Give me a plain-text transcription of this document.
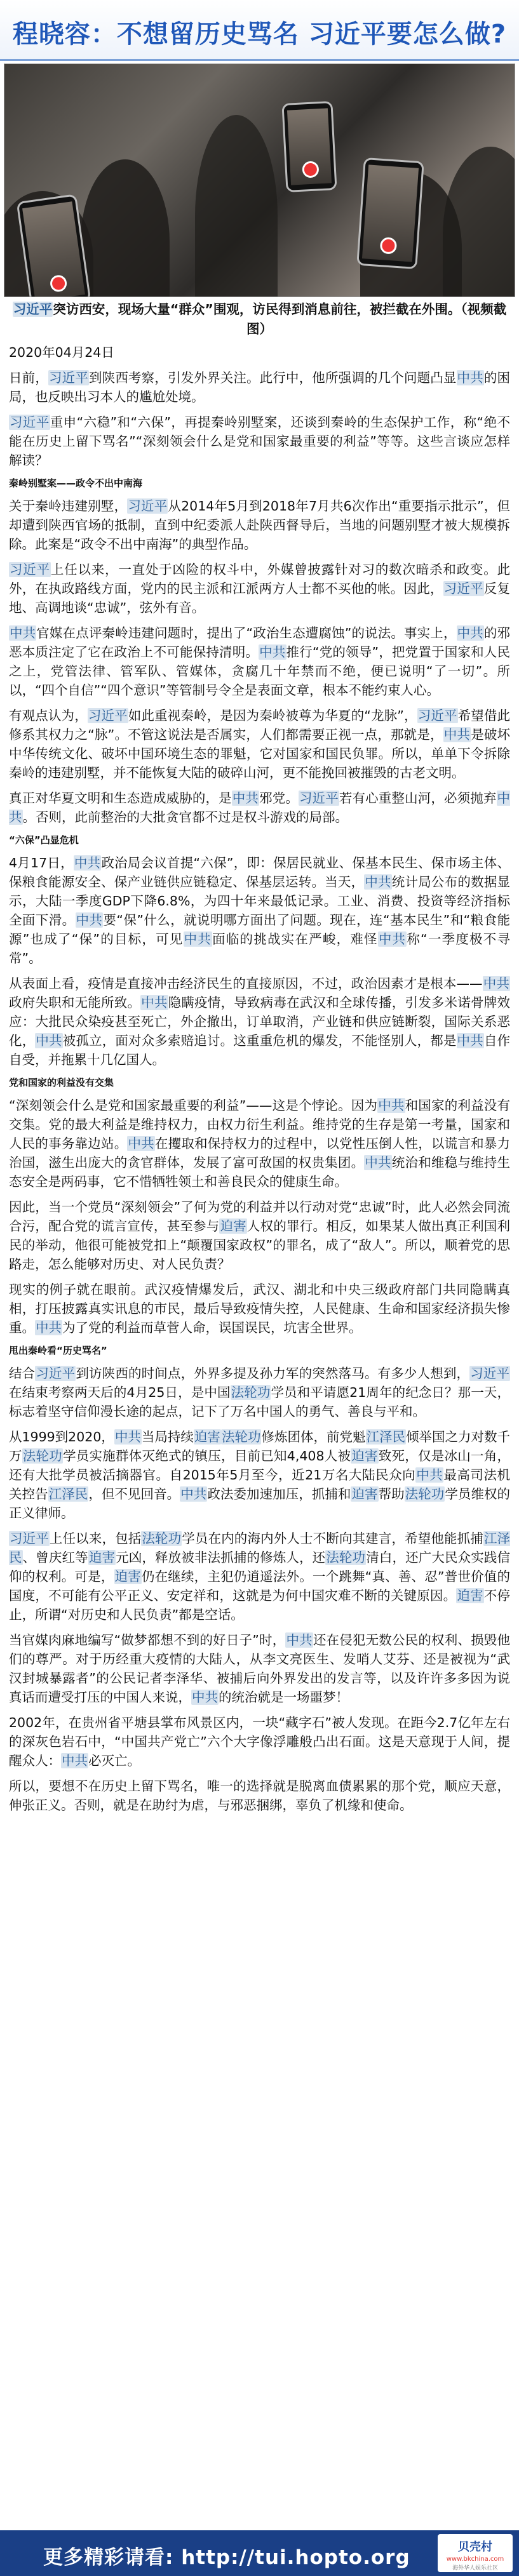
程晓容：不想留历史骂名 习近平要怎么做?
习近平突访西安，现场大量“群众”围观，访民得到消息前往，被拦截在外围。（视频截图）
2020年04月24日
日前，习近平到陕西考察，引发外界关注。此行中，他所强调的几个问题凸显中共的困局，也反映出习本人的尴尬处境。
习近平重申“六稳”和“六保”，再提秦岭别墅案，还谈到秦岭的生态保护工作，称“绝不能在历史上留下骂名”“深刻领会什么是党和国家最重要的利益”等等。这些言谈应怎样解读？
秦岭别墅案——政令不出中南海
关于秦岭违建别墅，习近平从2014年5月到2018年7月共6次作出“重要指示批示”，但却遭到陕西官场的抵制，直到中纪委派人赴陕西督导后，当地的问题别墅才被大规模拆除。此案是“政令不出中南海”的典型作品。
习近平上任以来，一直处于凶险的权斗中，外媒曾披露针对习的数次暗杀和政变。此外，在执政路线方面，党内的民主派和江派两方人士都不买他的帐。因此，习近平反复地、高调地谈“忠诚”，弦外有音。
中共官媒在点评秦岭违建问题时，提出了“政治生态遭腐蚀”的说法。事实上，中共的邪恶本质注定了它在政治上不可能保持清明。中共推行“党的领导”，把党置于国家和人民之上，党管法律、管军队、管媒体，贪腐几十年禁而不绝，便已说明“了一切”。所以，“四个自信”“四个意识”等管制号令全是表面文章，根本不能约束人心。
有观点认为，习近平如此重视秦岭，是因为秦岭被尊为华夏的“龙脉”，习近平希望借此修系其权力之“脉”。不管这说法是否属实，人们都需要正视一点，那就是，中共是破坏中华传统文化、破坏中国环境生态的罪魁，它对国家和国民负罪。所以，单单下令拆除秦岭的违建别墅，并不能恢复大陆的破碎山河，更不能挽回被摧毁的古老文明。
真正对华夏文明和生态造成威胁的，是中共邪党。习近平若有心重整山河，必须抛弃中共。否则，此前整治的大批贪官都不过是权斗游戏的局部。
“六保”凸显危机
4月17日，中共政治局会议首提“六保”，即：保居民就业、保基本民生、保市场主体、保粮食能源安全、保产业链供应链稳定、保基层运转。当天，中共统计局公布的数据显示，大陆一季度GDP下降6.8%，为四十年来最低记录。工业、消费、投资等经济指标全面下滑。中共要“保”什么，就说明哪方面出了问题。现在，连“基本民生”和“粮食能源”也成了“保”的目标，可见中共面临的挑战实在严峻，难怪中共称“一季度极不寻常”。
从表面上看，疫情是直接冲击经济民生的直接原因，不过，政治因素才是根本——中共政府失职和无能所致。中共隐瞒疫情，导致病毒在武汉和全球传播，引发多米诺骨牌效应：大批民众染疫甚至死亡，外企撤出，订单取消，产业链和供应链断裂，国际关系恶化，中共被孤立，面对众多索赔追讨。这重重危机的爆发，不能怪别人，都是中共自作自受，并拖累十几亿国人。
党和国家的利益没有交集
“深刻领会什么是党和国家最重要的利益”——这是个悖论。因为中共和国家的利益没有交集。党的最大利益是维持权力，由权力衍生利益。维持党的生存是第一考量，国家和人民的事务靠边站。中共在攫取和保持权力的过程中，以党性压倒人性，以谎言和暴力治国，滋生出庞大的贪官群体，发展了富可敌国的权贵集团。中共统治和维稳与维持生态安全是两码事，它不惜牺牲领土和善良民众的健康生命。
因此，当一个党员“深刻领会”了何为党的利益并以行动对党“忠诚”时，此人必然会同流合污，配合党的谎言宣传，甚至参与迫害人权的罪行。相反，如果某人做出真正利国利民的举动，他很可能被党扣上“颠覆国家政权”的罪名，成了“敌人”。所以，顺着党的思路走，怎么能够对历史、对人民负责？
现实的例子就在眼前。武汉疫情爆发后，武汉、湖北和中央三级政府部门共同隐瞒真相，打压披露真实讯息的市民，最后导致疫情失控，人民健康、生命和国家经济损失惨重。中共为了党的利益而草菅人命，误国误民，坑害全世界。
甩出秦岭看“历史骂名”
结合习近平到访陕西的时间点，外界多提及孙力军的突然落马。有多少人想到，习近平在结束考察两天后的4月25日，是中国法轮功学员和平请愿21周年的纪念日？那一天，标志着坚守信仰漫长途的起点，记下了万名中国人的勇气、善良与平和。
从1999到2020，中共当局持续迫害法轮功修炼团体，前党魁江泽民倾举国之力对数千万法轮功学员实施群体灭绝式的镇压，目前已知4,408人被迫害致死，仅是冰山一角，还有大批学员被活摘器官。自2015年5月至今，近21万名大陆民众向中共最高司法机关控告江泽民，但不见回音。中共政法委加速加压，抓捕和迫害帮助法轮功学员维权的正义律师。
习近平上任以来，包括法轮功学员在内的海内外人士不断向其建言，希望他能抓捕江泽民、曾庆红等迫害元凶，释放被非法抓捕的修炼人，还法轮功清白，还广大民众实践信仰的权利。可是，迫害仍在继续，主犯仍逍遥法外。一个跳舞“真、善、忍”普世价值的国度，不可能有公平正义、安定祥和，这就是为何中国灾难不断的关键原因。迫害不停止，所谓“对历史和人民负责”都是空话。
当官媒肉麻地编写“做梦都想不到的好日子”时，中共还在侵犯无数公民的权利、损毁他们的尊严。对于历经重大疫情的大陆人，从李文亮医生、发哨人艾芬、还是被视为“武汉封城暴露者”的公民记者李泽华、被捕后向外界发出的发言等，以及许许多多因为说真话而遭受打压的中国人来说，中共的统治就是一场噩梦！
2002年，在贵州省平塘县掌布风景区内，一块“藏字石”被人发现。在距今2.7亿年左右的深灰色岩石中，“中国共产党亡”六个大字像浮雕般凸出石面。这是天意现于人间，提醒众人：中共必灭亡。
所以，要想不在历史上留下骂名，唯一的选择就是脱离血债累累的那个党，顺应天意，伸张正义。否则，就是在助纣为虐，与邪恶捆绑，辜负了机缘和使命。
更多精彩请看: http://tui.hopto.org	贝壳村
www.bkchina.com
海外华人娱乐社区
